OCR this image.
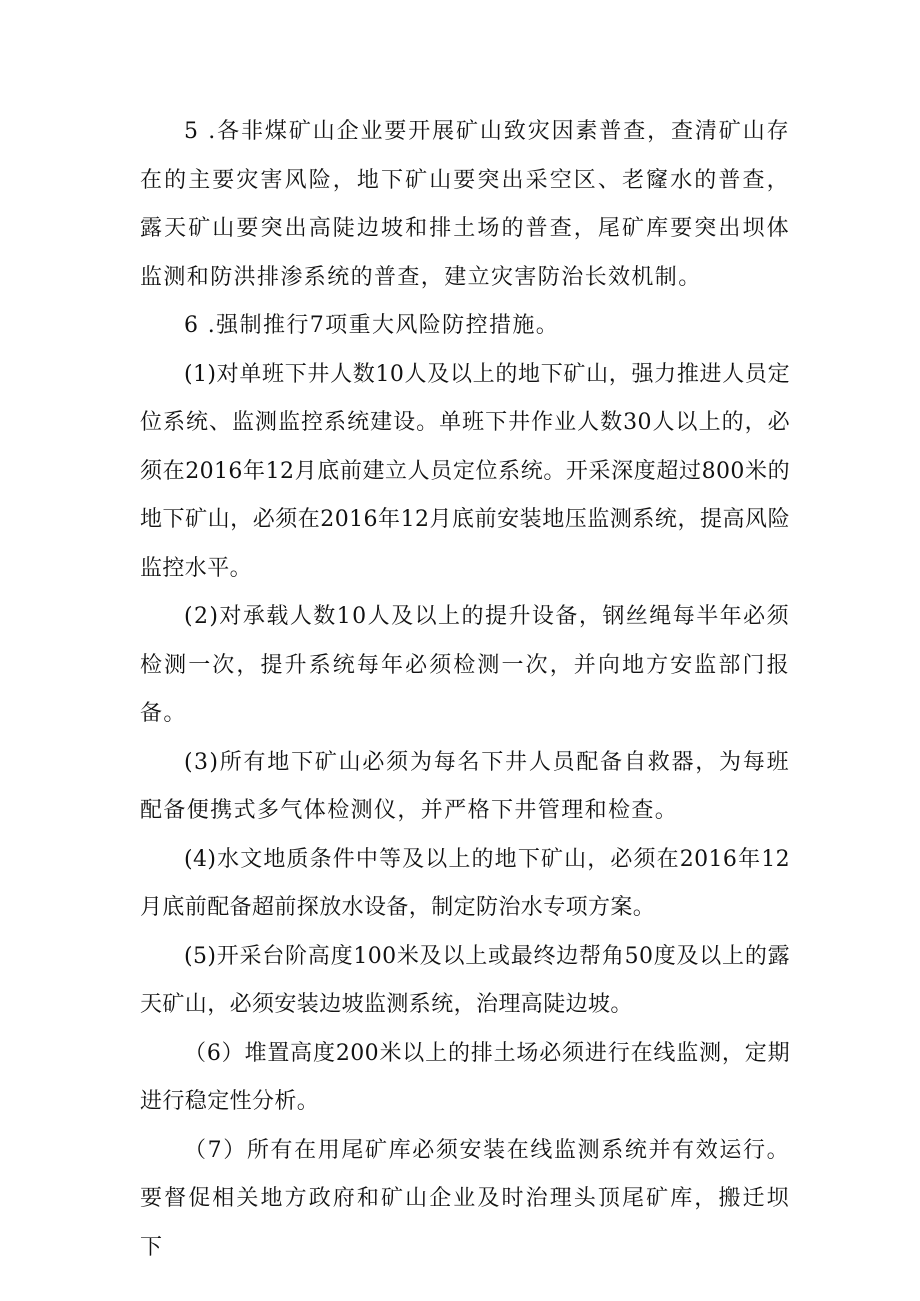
5 .各非煤矿山企业要开展矿山致灾因素普查，查清矿山存在的主要灾害风险，地下矿山要突出采空区、老窿水的普查，露天矿山要突出高陡边坡和排土场的普查，尾矿库要突出坝体监测和防洪排渗系统的普查，建立灾害防治长效机制。

6 .强制推行7项重大风险防控措施。

(1)对单班下井人数10人及以上的地下矿山，强力推进人员定位系统、监测监控系统建设。单班下井作业人数30人以上的，必须在2016年12月底前建立人员定位系统。开采深度超过800米的地下矿山，必须在2016年12月底前安装地压监测系统，提高风险监控水平。

(2)对承载人数10人及以上的提升设备，钢丝绳每半年必须检测一次，提升系统每年必须检测一次，并向地方安监部门报备。

(3)所有地下矿山必须为每名下井人员配备自救器，为每班配备便携式多气体检测仪，并严格下井管理和检查。

(4)水文地质条件中等及以上的地下矿山，必须在2016年12月底前配备超前探放水设备，制定防治水专项方案。

(5)开采台阶高度100米及以上或最终边帮角50度及以上的露天矿山，必须安装边坡监测系统，治理高陡边坡。

（6）堆置高度200米以上的排土场必须进行在线监测，定期进行稳定性分析。

（7）所有在用尾矿库必须安装在线监测系统并有效运行。要督促相关地方政府和矿山企业及时治理头顶尾矿库，搬迁坝下
